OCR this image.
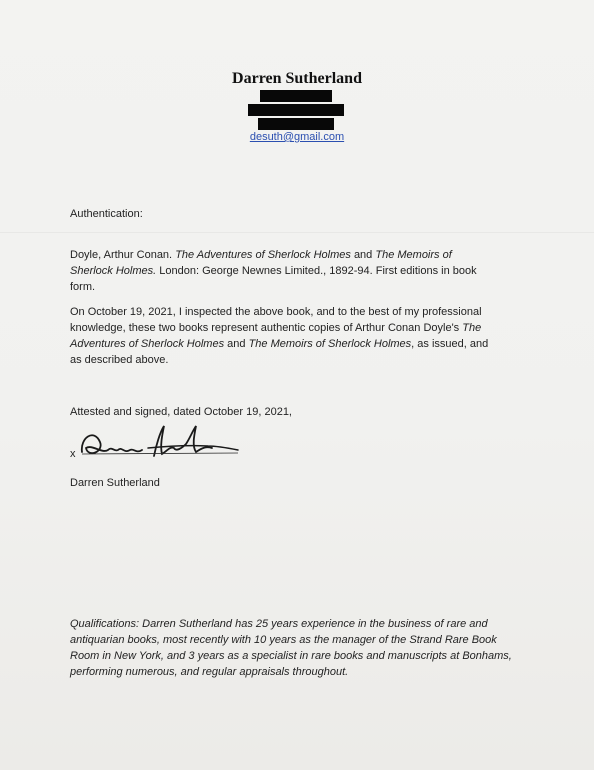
Darren Sutherland
desuth@gmail.com
Authentication:
Doyle, Arthur Conan. The Adventures of Sherlock Holmes and The Memoirs of Sherlock Holmes. London: George Newnes Limited., 1892-94. First editions in book form.
On October 19, 2021, I inspected the above book, and to the best of my professional knowledge, these two books represent authentic copies of Arthur Conan Doyle's The Adventures of Sherlock Holmes and The Memoirs of Sherlock Holmes, as issued, and as described above.
Attested and signed, dated October 19, 2021,
x
Darren Sutherland
Qualifications: Darren Sutherland has 25 years experience in the business of rare and antiquarian books, most recently with 10 years as the manager of the Strand Rare Book Room in New York, and 3 years as a specialist in rare books and manuscripts at Bonhams, performing numerous, and regular appraisals throughout.
